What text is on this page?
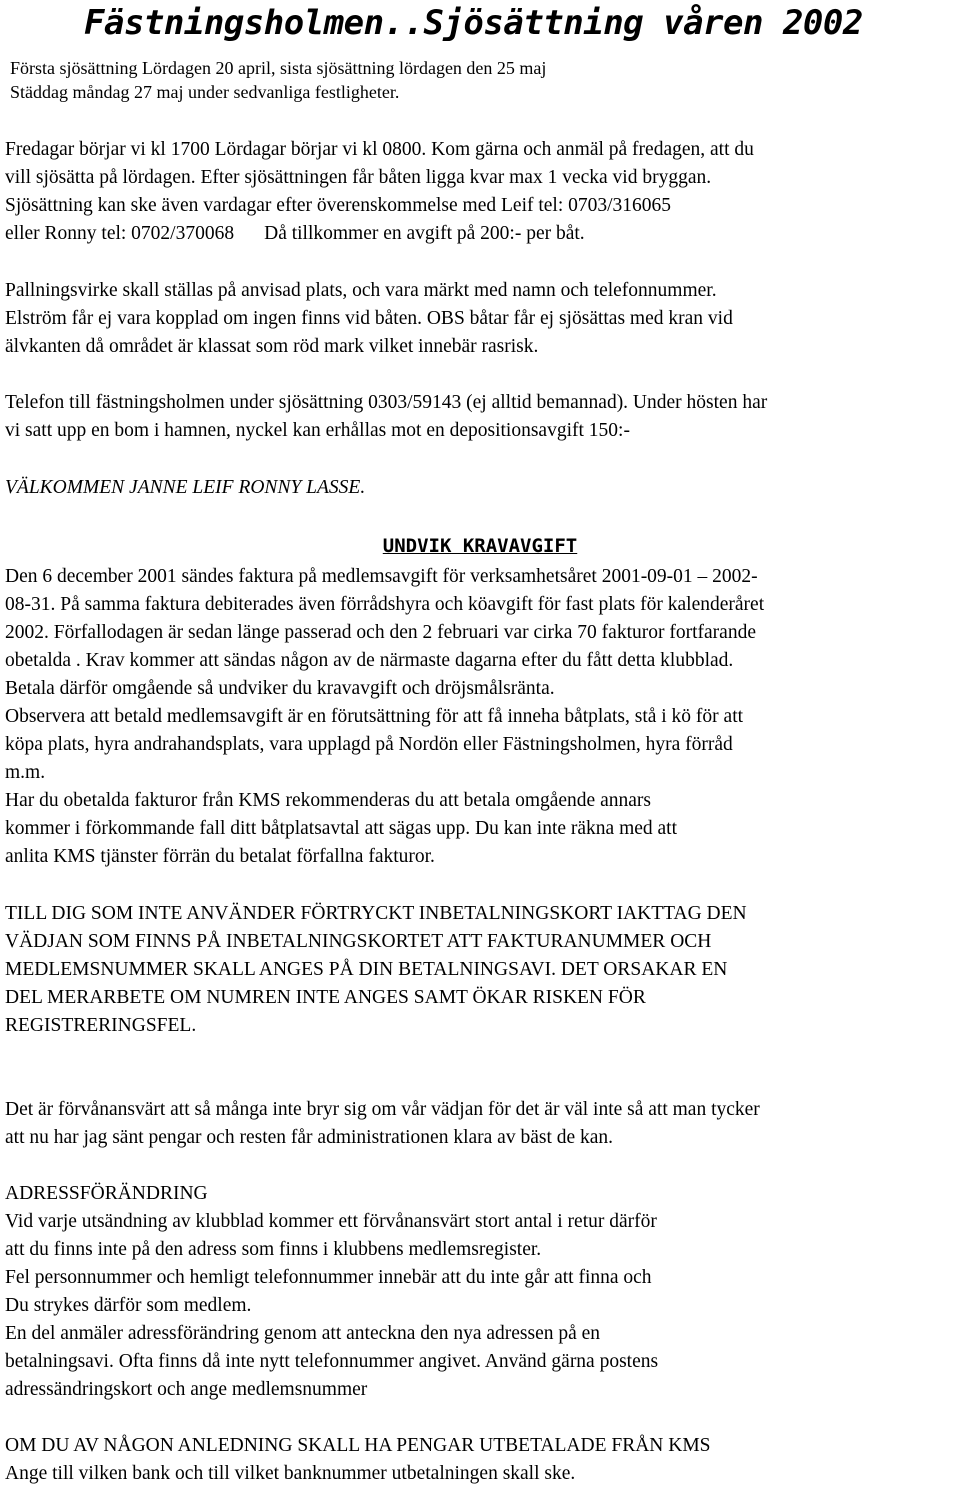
Fästningsholmen..Sjösättning våren 2002

Första sjösättning Lördagen 20 april, sista sjösättning lördagen den 25 maj

Städdag måndag 27 maj under sedvanliga festligheter.

Fredagar börjar vi kl 1700 Lördagar börjar vi kl 0800. Kom gärna och anmäl på fredagen, att du

vill sjösätta på lördagen. Efter sjösättningen får båten ligga kvar max 1 vecka vid bryggan.

Sjösättning kan ske även vardagar efter överenskommelse med Leif tel: 0703/316065

eller Ronny tel: 0702/370068 Då tillkommer en avgift på 200:- per båt.

Pallningsvirke skall ställas på anvisad plats, och vara märkt med namn och telefonnummer.

Elström får ej vara kopplad om ingen finns vid båten. OBS båtar får ej sjösättas med kran vid

älvkanten då området är klassat som röd mark vilket innebär rasrisk.

Telefon till fästningsholmen under sjösättning 0303/59143 (ej alltid bemannad). Under hösten har

vi satt upp en bom i hamnen, nyckel kan erhållas mot en depositionsavgift 150:-

VÄLKOMMEN JANNE LEIF RONNY LASSE.

UNDVIK KRAVAVGIFT

Den 6 december 2001 sändes faktura på medlemsavgift för verksamhetsåret 2001-09-01 – 2002-

08-31. På samma faktura debiterades även förrådshyra och köavgift för fast plats för kalenderåret

2002. Förfallodagen är sedan länge passerad och den 2 februari var cirka 70 fakturor fortfarande

obetalda . Krav kommer att sändas någon av de närmaste dagarna efter du fått detta klubblad.

Betala därför omgående så undviker du kravavgift och dröjsmålsränta.

Observera att betald medlemsavgift är en förutsättning för att få inneha båtplats, stå i kö för att

köpa plats, hyra andrahandsplats, vara upplagd på Nordön eller Fästningsholmen, hyra förråd

m.m.

Har du obetalda fakturor från KMS rekommenderas du att betala omgående annars

kommer i förkommande fall ditt båtplatsavtal att sägas upp. Du kan inte räkna med att

anlita KMS tjänster förrän du betalat förfallna fakturor.

TILL DIG SOM INTE ANVÄNDER FÖRTRYCKT INBETALNINGSKORT IAKTTAG DEN

VÄDJAN SOM FINNS PÅ INBETALNINGSKORTET ATT FAKTURANUMMER OCH

MEDLEMSNUMMER SKALL ANGES PÅ DIN BETALNINGSAVI. DET ORSAKAR EN

DEL MERARBETE OM NUMREN INTE ANGES SAMT ÖKAR RISKEN FÖR

REGISTRERINGSFEL.

Det är förvånansvärt att så många inte bryr sig om vår vädjan för det är väl inte så att man tycker

att nu har jag sänt pengar och resten får administrationen klara av bäst de kan.

ADRESSFÖRÄNDRING

Vid varje utsändning av klubblad kommer ett förvånansvärt stort antal i retur därför

att du finns inte på den adress som finns i klubbens medlemsregister.

Fel personnummer och hemligt telefonnummer innebär att du inte går att finna och

Du strykes därför som medlem.

En del anmäler adressförändring genom att anteckna den nya adressen på en

betalningsavi. Ofta finns då inte nytt telefonnummer angivet. Använd gärna postens

adressändringskort och ange medlemsnummer

OM DU AV NÅGON ANLEDNING SKALL HA PENGAR UTBETALADE FRÅN KMS

Ange till vilken bank och till vilket banknummer utbetalningen skall ske.
